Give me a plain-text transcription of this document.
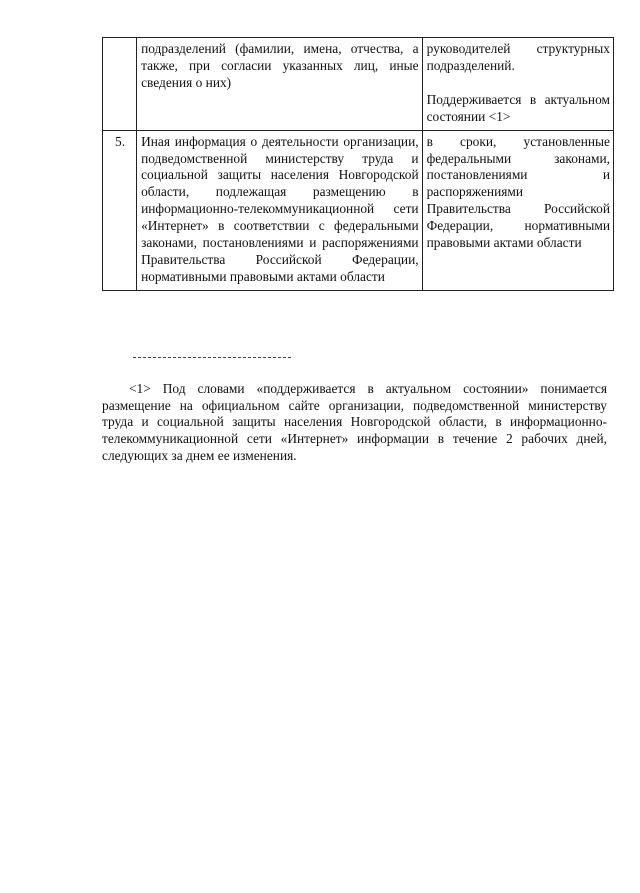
	подразделений (фамилии, имена, отчества, а также, при согласии указанных лиц, иные сведения о них)	руководителей структурных подразделений.

Поддерживается в актуальном состоянии <1>

5.	Иная информация о деятельности организации, подведомственной министерству труда и социальной защиты населения Новгородской области, подлежащая размещению в информационно-телекоммуникационной сети «Интернет» в соответствии с федеральными законами, постановлениями и распоряжениями Правительства Российской Федерации, нормативными правовыми актами области	в сроки, установленные федеральными законами, постановлениями и распоряжениями Правительства Российской Федерации, нормативными правовыми актами области

<1> Под словами «поддерживается в актуальном состоянии» понимается размещение на официальном сайте организации, подведомственной министерству труда и социальной защиты населения Новгородской области, в информационно-телекоммуникационной сети «Интернет» информации в течение 2 рабочих дней, следующих за днем ее изменения.
